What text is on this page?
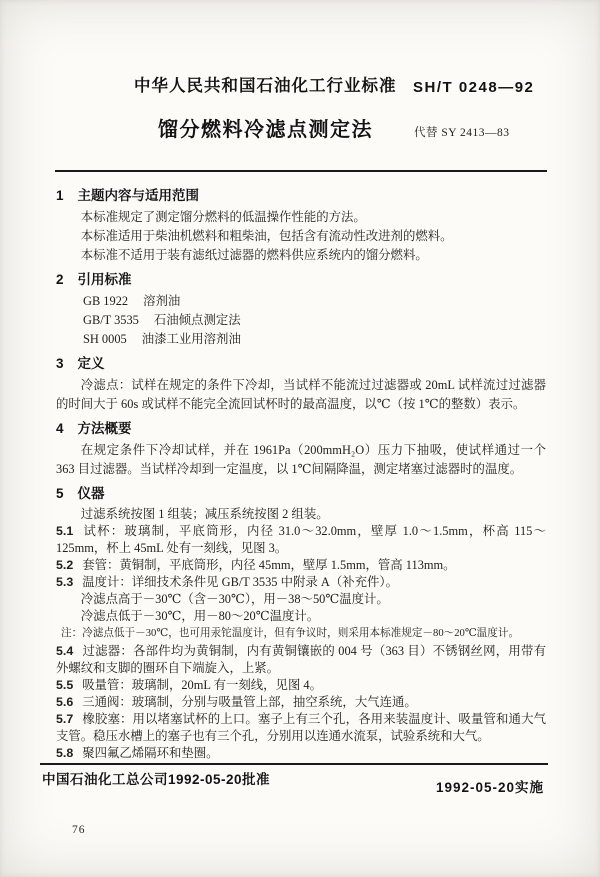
中华人民共和国石油化工行业标准 SH/T 0248—92
馏分燃料冷滤点测定法	代替 SY 2413—83
1 主题内容与适用范围
本标准规定了测定馏分燃料的低温操作性能的方法。
本标准适用于柴油机燃料和粗柴油，包括含有流动性改进剂的燃料。
本标准不适用于装有滤纸过滤器的燃料供应系统内的馏分燃料。
2 引用标准
GB 1922 溶剂油
GB/T 3535 石油倾点测定法
SH 0005 油漆工业用溶剂油
3 定义
冷滤点：试样在规定的条件下冷却，当试样不能流过过滤器或 20mL 试样流过过滤器的时间大于 60s 或试样不能完全流回试杯时的最高温度，以℃（按 1℃的整数）表示。
4 方法概要
在规定条件下冷却试样，并在 1961Pa（200mmH₂O）压力下抽吸，使试样通过一个 363 目过滤器。当试样冷却到一定温度，以 1℃间隔降温，测定堵塞过滤器时的温度。
5 仪器
过滤系统按图 1 组装；减压系统按图 2 组装。
5.1 试杯：玻璃制，平底筒形，内径 31.0～32.0mm，壁厚 1.0～1.5mm，杯高 115～125mm，杯上 45mL 处有一刻线，见图 3。
5.2 套管：黄铜制，平底筒形，内径 45mm，壁厚 1.5mm，管高 113mm。
5.3 温度计：详细技术条件见 GB/T 3535 中附录 A（补充件）。
冷滤点高于－30℃（含－30℃），用－38～50℃温度计。
冷滤点低于－30℃，用－80～20℃温度计。
注：冷滤点低于－30℃，也可用汞铊温度计，但有争议时，则采用本标准规定－80～20℃温度计。
5.4 过滤器：各部件均为黄铜制，内有黄铜镶嵌的 004 号（363 目）不锈钢丝网，用带有外螺纹和支脚的圈环自下端旋入，上紧。
5.5 吸量管：玻璃制，20mL 有一刻线，见图 4。
5.6 三通阀：玻璃制，分别与吸量管上部，抽空系统，大气连通。
5.7 橡胶塞：用以堵塞试杯的上口。塞子上有三个孔，各用来装温度计、吸量管和通大气支管。稳压水槽上的塞子也有三个孔，分别用以连通水流泵，试验系统和大气。
5.8 聚四氟乙烯隔环和垫圈。
中国石油化工总公司1992-05-20批准
1992-05-20实施
76
